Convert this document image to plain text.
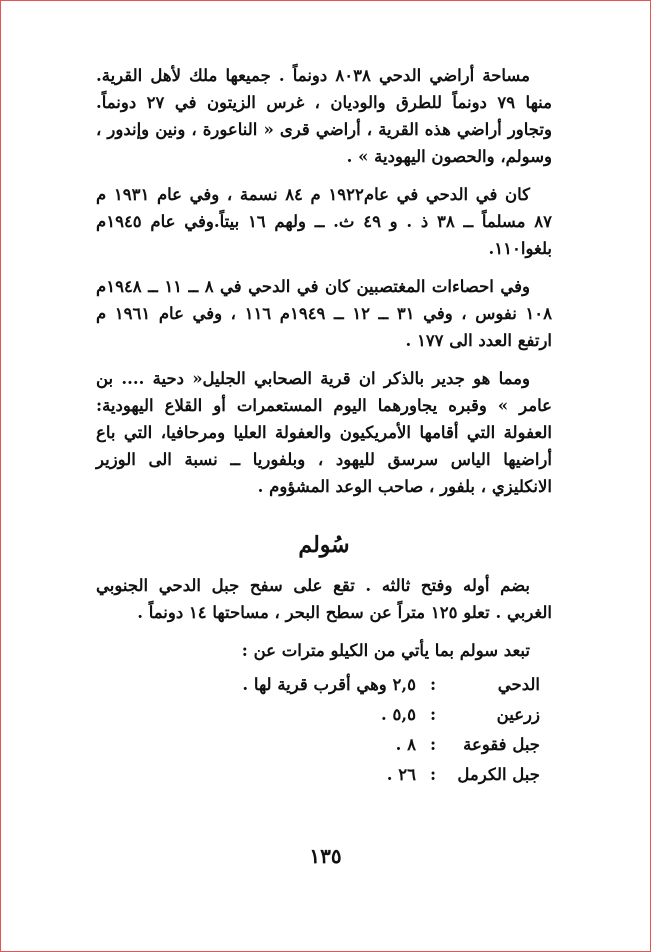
مساحة أراضي الدحي ٨٠٣٨ دونماً . جميعها ملك لأهل القرية. منها ٧٩ دونماً للطرق والوديان ، غرس الزيتون في ٢٧ دونماً. وتجاور أراضي هذه القرية ، أراضي قرى « الناعورة ، ونين وإندور ، وسولم، والحصون اليهودية » .

كان في الدحي في عام١٩٢٢ م ٨٤ نسمة ، وفي عام ١٩٣١ م ٨٧ مسلماً ــ ٣٨ ذ . و ٤٩ ث. ــ ولهم ١٦ بيتاً.وفي عام ١٩٤٥م بلغوا١١٠.

وفي احصاءات المغتصبين كان في الدحي في ٨ ــ ١١ ــ ١٩٤٨م ١٠٨ نفوس ، وفي ٣١ ــ ١٢ ــ ١٩٤٩م ١١٦ ، وفي عام ١٩٦١ م ارتفع العدد الى ١٧٧ .

ومما هو جدير بالذكر ان قرية الصحابي الجليل« دحية .... بن عامر » وقبره يجاورهما اليوم المستعمرات أو القلاع اليهودية: العفولة التي أقامها الأمريكيون والعفولة العليا ومرحافيا، التي باع أراضيها الياس سرسق لليهود ، وبلفوريا ــ نسبة الى الوزير الانكليزي ، بلفور ، صاحب الوعد المشؤوم .

سُولم

بضم أوله وفتح ثالثه . تقع على سفح جبل الدحي الجنوبي الغربي . تعلو ١٢٥ متراً عن سطح البحر ، مساحتها ١٤ دونماً .

تبعد سولم بما يأتي من الكيلو مترات عن :
الدحي
:
٢,٥ وهي أقرب قرية لها .
زرعين
:
٥,٥ .
جبل فقوعة
:
٨ .
جبل الكرمل
:
٢٦ .
١٣٥
